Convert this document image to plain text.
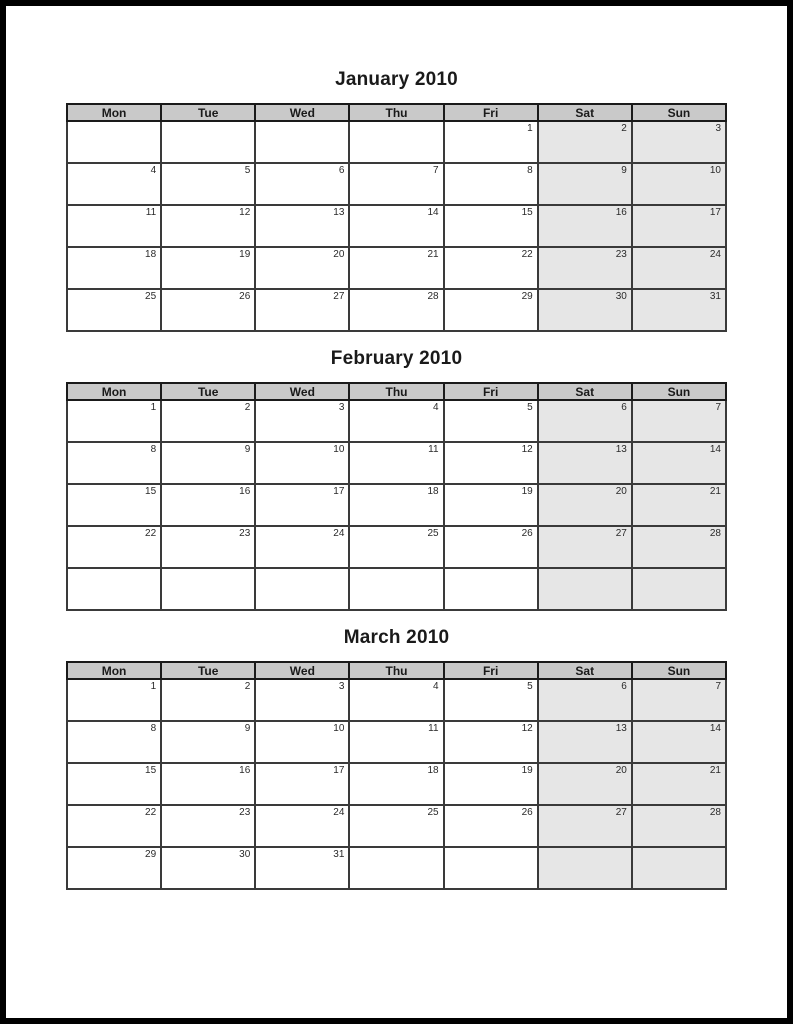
January 2010
Mon	Tue	Wed	Thu	Fri	Sat	Sun
				1	2	3
4	5	6	7	8	9	10
11	12	13	14	15	16	17
18	19	20	21	22	23	24
25	26	27	28	29	30	31
February 2010
Mon	Tue	Wed	Thu	Fri	Sat	Sun
1	2	3	4	5	6	7
8	9	10	11	12	13	14
15	16	17	18	19	20	21
22	23	24	25	26	27	28

March 2010
Mon	Tue	Wed	Thu	Fri	Sat	Sun
1	2	3	4	5	6	7
8	9	10	11	12	13	14
15	16	17	18	19	20	21
22	23	24	25	26	27	28
29	30	31				
